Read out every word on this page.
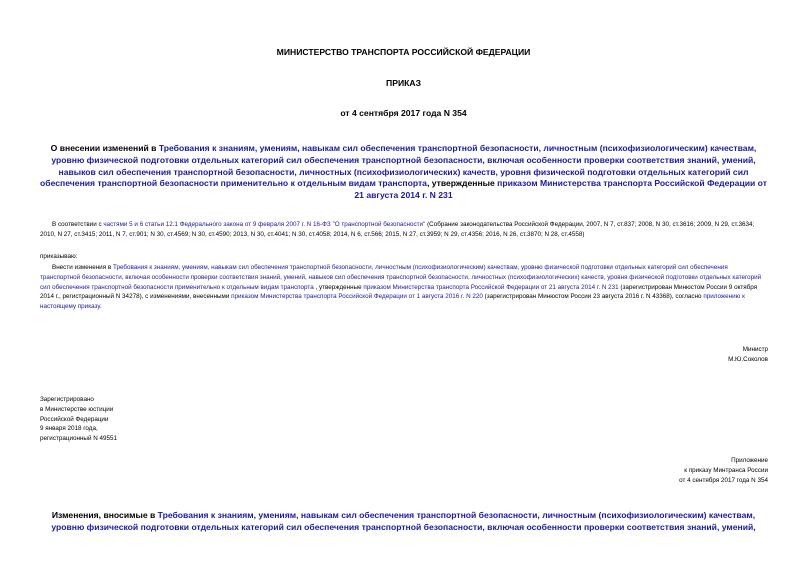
МИНИСТЕРСТВО ТРАНСПОРТА РОССИЙСКОЙ ФЕДЕРАЦИИ
ПРИКАЗ
от 4 сентября 2017 года N 354
О внесении изменений в Требования к знаниям, умениям, навыкам сил обеспечения транспортной безопасности, личностным (психофизиологическим) качествам, уровню физической подготовки отдельных категорий сил обеспечения транспортной безопасности, включая особенности проверки соответствия знаний, умений, навыков сил обеспечения транспортной безопасности, личностных (психофизиологических) качеств, уровня физической подготовки отдельных категорий сил обеспечения транспортной безопасности применительно к отдельным видам транспорта, утвержденные приказом Министерства транспорта Российской Федерации от 21 августа 2014 г. N 231
В соответствии с частями 5 и 6 статьи 12.1 Федерального закона от 9 февраля 2007 г. N 16-ФЗ "О транспортной безопасности" (Собрание законодательства Российской Федерации, 2007, N 7, ст.837; 2008, N 30, ст.3616; 2009, N 29, ст.3634; 2010, N 27, ст.3415; 2011, N 7, ст.901; N 30, ст.4569; N 30, ст.4590; 2013, N 30, ст.4041; N 30, ст.4058; 2014, N 6, ст.566; 2015, N 27, ст.3959; N 29, ст.4356; 2016, N 26, ст.3870; N 28, ст.4558)
приказываю:
Внести изменения в Требования к знаниям, умениям, навыкам сил обеспечения транспортной безопасности, личностным (психофизиологическим) качествам, уровню физической подготовки отдельных категорий сил обеспечения транспортной безопасности, включая особенности проверки соответствия знаний, умений, навыков сил обеспечения транспортной безопасности, личностных (психофизиологических) качеств, уровня физической подготовки отдельных категорий сил обеспечения транспортной безопасности применительно к отдельным видам транспорта , утвержденные приказом Министерства транспорта Российской Федерации от 21 августа 2014 г. N 231 (зарегистрирован Минюстом России 9 октября 2014 г., регистрационный N 34278), с изменениями, внесенными приказом Министерства транспорта Российской Федерации от 1 августа 2016 г. N 220 (зарегистрирован Минюстом России 23 августа 2016 г. N 43368), согласно приложению к настоящему приказу.
Министр
М.Ю.Соколов
Зарегистрировано
в Министерстве юстиции
Российской Федерации
9 января 2018 года,
регистрационный N 49551
Приложение
к приказу Минтранса России
от 4 сентября 2017 года N 354
Изменения, вносимые в Требования к знаниям, умениям, навыкам сил обеспечения транспортной безопасности, личностным (психофизиологическим) качествам, уровню физической подготовки отдельных категорий сил обеспечения транспортной безопасности, включая особенности проверки соответствия знаний, умений,
